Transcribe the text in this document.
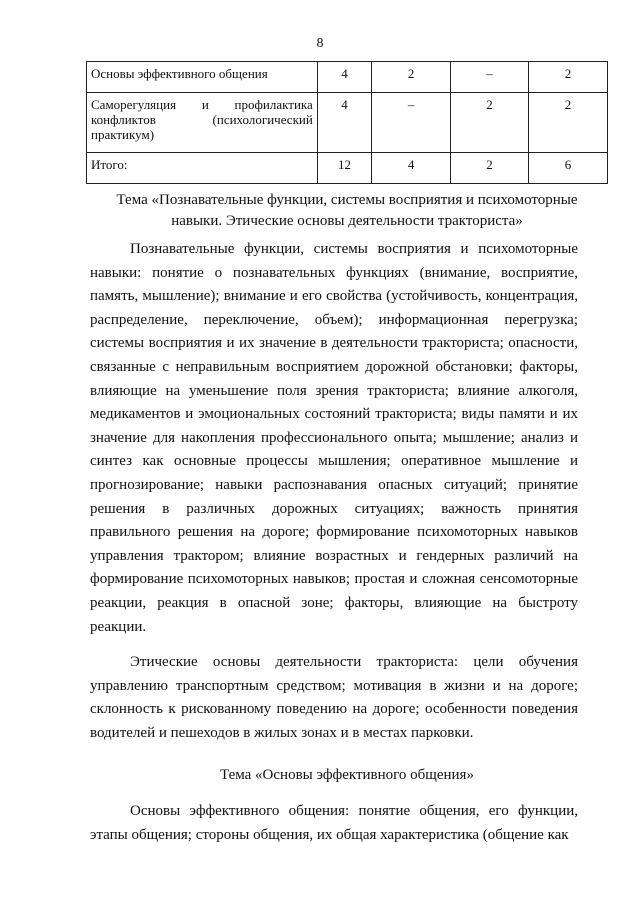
8
Основы эффективного общения	4	2	–	2

Саморегуляция и профилактика конфликтов (психологический практикум)	4	–	2	2
Итого:	12	4	2	6
Тема «Познавательные функции, системы восприятия и психомоторные
навыки. Этические основы деятельности тракториста»
Познавательные функции, системы восприятия и психомоторные навыки: понятие о познавательных функциях (внимание, восприятие, память, мышление); внимание и его свойства (устойчивость, концентрация, распределение, переключение, объем); информационная перегрузка; системы восприятия и их значение в деятельности тракториста; опасности, связанные с неправильным восприятием дорожной обстановки; факторы, влияющие на уменьшение поля зрения тракториста; влияние алкоголя, медикаментов и эмоциональных состояний тракториста; виды памяти и их значение для накопления профессионального опыта; мышление; анализ и синтез как основные процессы мышления; оперативное мышление и прогнозирование; навыки распознавания опасных ситуаций; принятие решения в различных дорожных ситуациях; важность принятия правильного решения на дороге; формирование психомоторных навыков управления трактором; влияние возрастных и гендерных различий на формирование психомоторных навыков; простая и сложная сенсомоторные реакции, реакция в опасной зоне; факторы, влияющие на быстроту реакции.
Этические основы деятельности тракториста: цели обучения управлению транспортным средством; мотивация в жизни и на дороге; склонность к рискованному поведению на дороге; особенности поведения водителей и пешеходов в жилых зонах и в местах парковки.
Тема «Основы эффективного общения»
Основы эффективного общения: понятие общения, его функции, этапы общения; стороны общения, их общая характеристика (общение как
